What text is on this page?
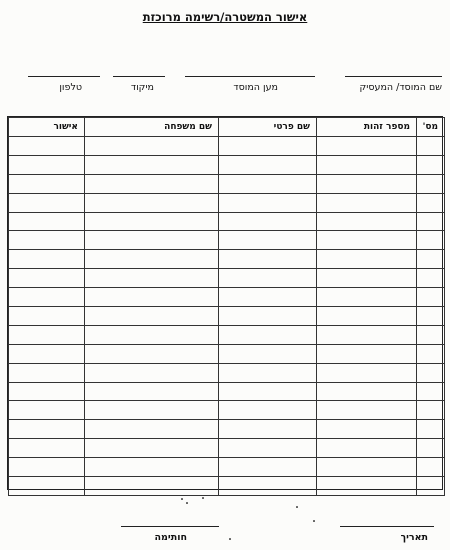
אישור המשטרה/רשימה מרוכזת
שם המוסד/ המעסיק
מען המוסד
מיקוד
טלפון
מס'	מספר זהות	שם פרטי	שם משפחה	אישור

תאריך
חותימה
